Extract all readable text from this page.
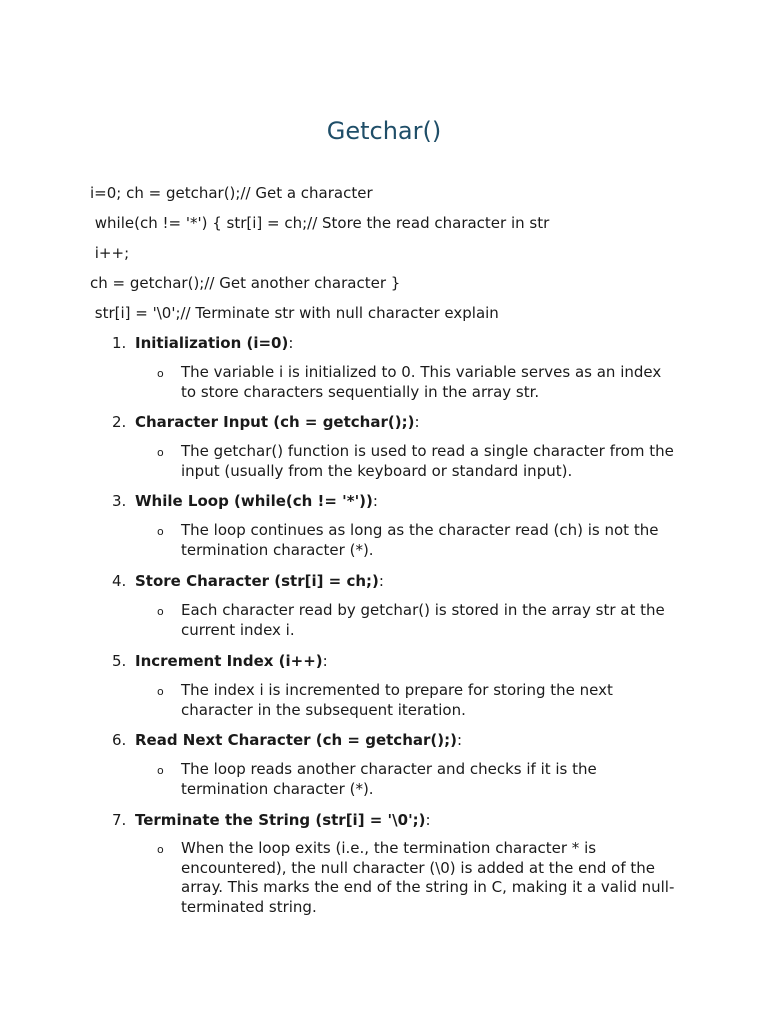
Getchar()

i=0; ch = getchar();// Get a character

while(ch != '*') { str[i] = ch;// Store the read character in str

i++;

ch = getchar();// Get another character }

str[i] = '\0';// Terminate str with null character explain

1. Initialization (i=0):

o The variable i is initialized to 0. This variable serves as an index to store characters sequentially in the array str.

2. Character Input (ch = getchar();):

o The getchar() function is used to read a single character from the input (usually from the keyboard or standard input).

3. While Loop (while(ch != '*')):

o The loop continues as long as the character read (ch) is not the termination character (*).

4. Store Character (str[i] = ch;):

o Each character read by getchar() is stored in the array str at the current index i.

5. Increment Index (i++):

o The index i is incremented to prepare for storing the next character in the subsequent iteration.

6. Read Next Character (ch = getchar();):

o The loop reads another character and checks if it is the termination character (*).

7. Terminate the String (str[i] = '\0';):

o When the loop exits (i.e., the termination character * is encountered), the null character (\0) is added at the end of the array. This marks the end of the string in C, making it a valid null-terminated string.
